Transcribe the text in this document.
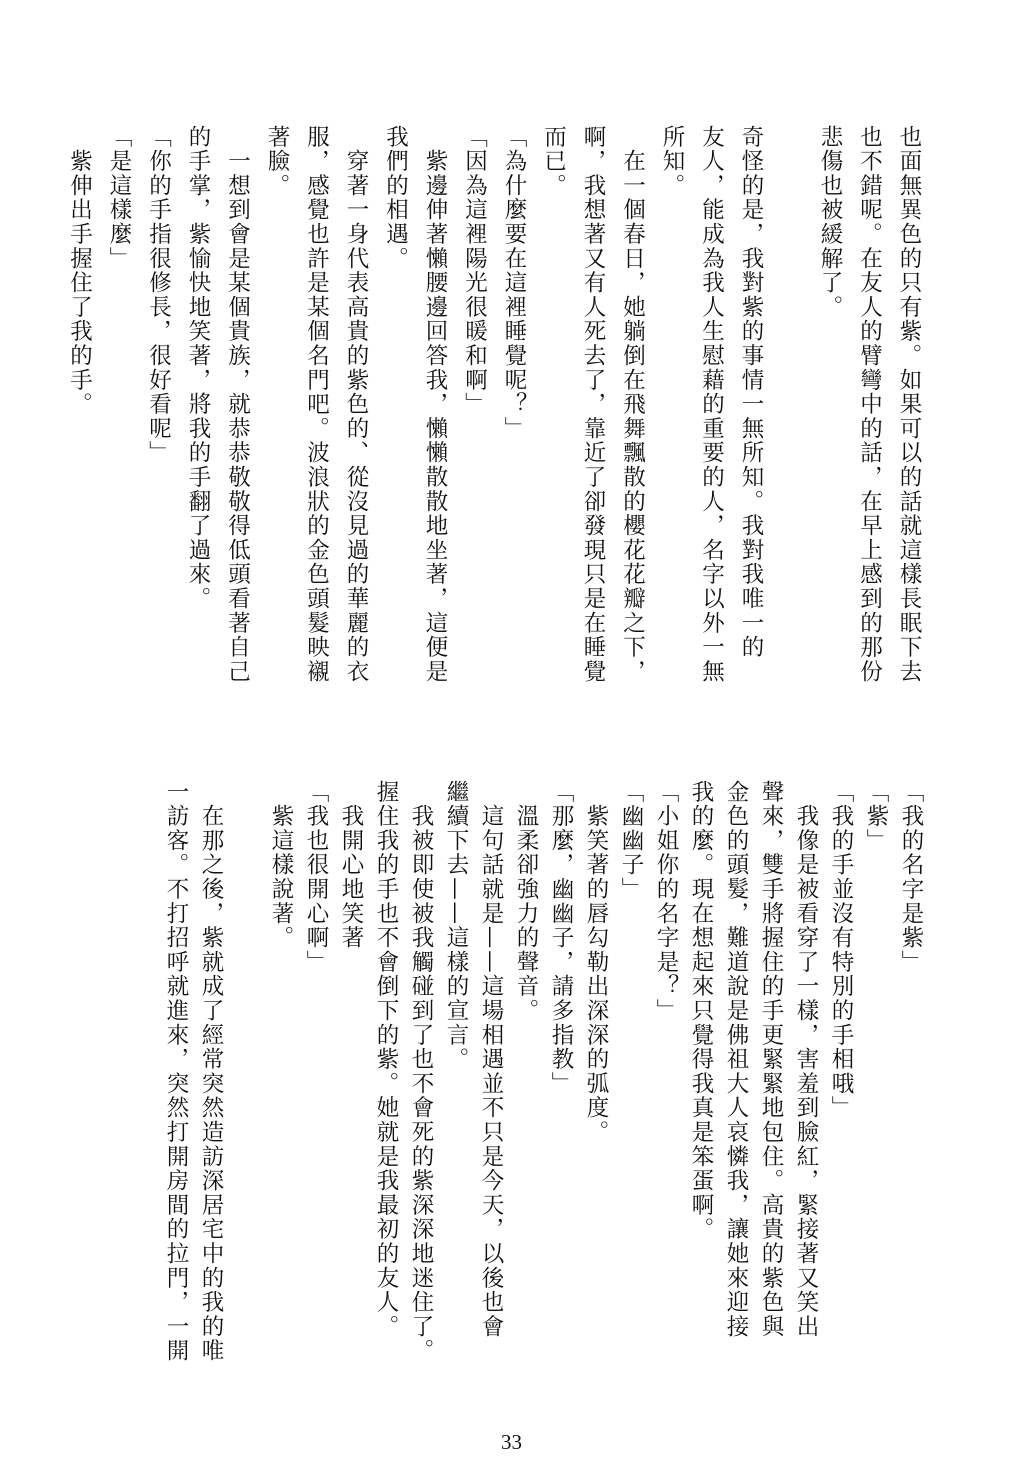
也面無異色的只有紫。如果可以的話就這樣長眠下去
也不錯呢。在友人的臂彎中的話，在早上感到的那份
悲傷也被緩解了。
奇怪的是，我對紫的事情一無所知。我對我唯一的
友人，能成為我人生慰藉的重要的人，名字以外一無
所知。
　在一個春日，她躺倒在飛舞飄散的櫻花花瓣之下，
啊，我想著又有人死去了，靠近了卻發現只是在睡覺
而已。
「為什麼要在這裡睡覺呢？」
「因為這裡陽光很暖和啊」
　紫邊伸著懶腰邊回答我，懶懶散散地坐著，這便是
我們的相遇。
　穿著一身代表高貴的紫色的、從沒見過的華麗的衣
服，感覺也許是某個名門吧。波浪狀的金色頭髮映襯
著臉。
　一想到會是某個貴族，就恭恭敬敬得低頭看著自己
的手掌，紫愉快地笑著，將我的手翻了過來。
「你的手指很修長，很好看呢」
「是這樣麼」
　紫伸出手握住了我的手。
「我的名字是紫」
「紫」
「我的手並沒有特別的手相哦」
　我像是被看穿了一樣，害羞到臉紅，緊接著又笑出
聲來，雙手將握住的手更緊緊地包住。高貴的紫色與
金色的頭髮，難道說是佛祖大人哀憐我，讓她來迎接
我的麼。現在想起來只覺得我真是笨蛋啊。
「小姐你的名字是？」
「幽幽子」
　紫笑著的唇勾勒出深深的弧度。
「那麼，幽幽子，請多指教」
　溫柔卻強力的聲音。
　這句話就是——這場相遇並不只是今天，以後也會
繼續下去——這樣的宣言。
　我被即使被我觸碰到了也不會死的紫深深地迷住了。
握住我的手也不會倒下的紫。她就是我最初的友人。
　我開心地笑著
「我也很開心啊」
　紫這樣說著。
　在那之後，紫就成了經常突然造訪深居宅中的我的唯
一訪客。不打招呼就進來，突然打開房間的拉門，一開
33
